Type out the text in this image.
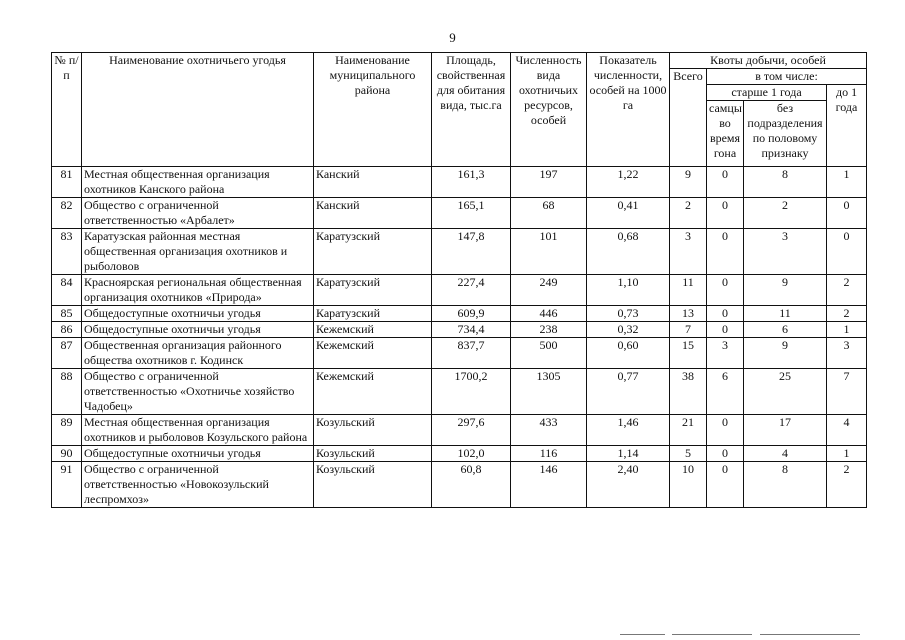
9
№ п/п	Наименование охотничьего угодья	Наименование муниципального района	Площадь, свойственная для обитания вида, тыс.га	Численность вида охотничьих ресурсов, особей	Показатель численности, особей на 1000 га	Квоты добычи, особей			
						Всего	в том числе:		
							старше 1 года		до 1 года
							самцы во время гона	без подразделения по половому признаку	
81	Местная общественная организация охотников Канского района	Канский	161,3	197	1,22	9	0	8	1
82	Общество с ограниченной ответственностью «Арбалет»	Канский	165,1	68	0,41	2	0	2	0
83	Каратузская районная местная общественная организация охотников и рыболовов	Каратузский	147,8	101	0,68	3	0	3	0
84	Красноярская региональная общественная организация охотников «Природа»	Каратузский	227,4	249	1,10	11	0	9	2
85	Общедоступные охотничьи угодья	Каратузский	609,9	446	0,73	13	0	11	2
86	Общедоступные охотничьи угодья	Кежемский	734,4	238	0,32	7	0	6	1
87	Общественная организация районного общества охотников г. Кодинск	Кежемский	837,7	500	0,60	15	3	9	3
88	Общество с ограниченной ответственностью «Охотничье хозяйство Чадобец»	Кежемский	1700,2	1305	0,77	38	6	25	7
89	Местная общественная организация охотников и рыболовов Козульского района	Козульский	297,6	433	1,46	21	0	17	4
90	Общедоступные охотничьи угодья	Козульский	102,0	116	1,14	5	0	4	1
91	Общество с ограниченной ответственностью «Новокозульский леспромхоз»	Козульский	60,8	146	2,40	10	0	8	2
